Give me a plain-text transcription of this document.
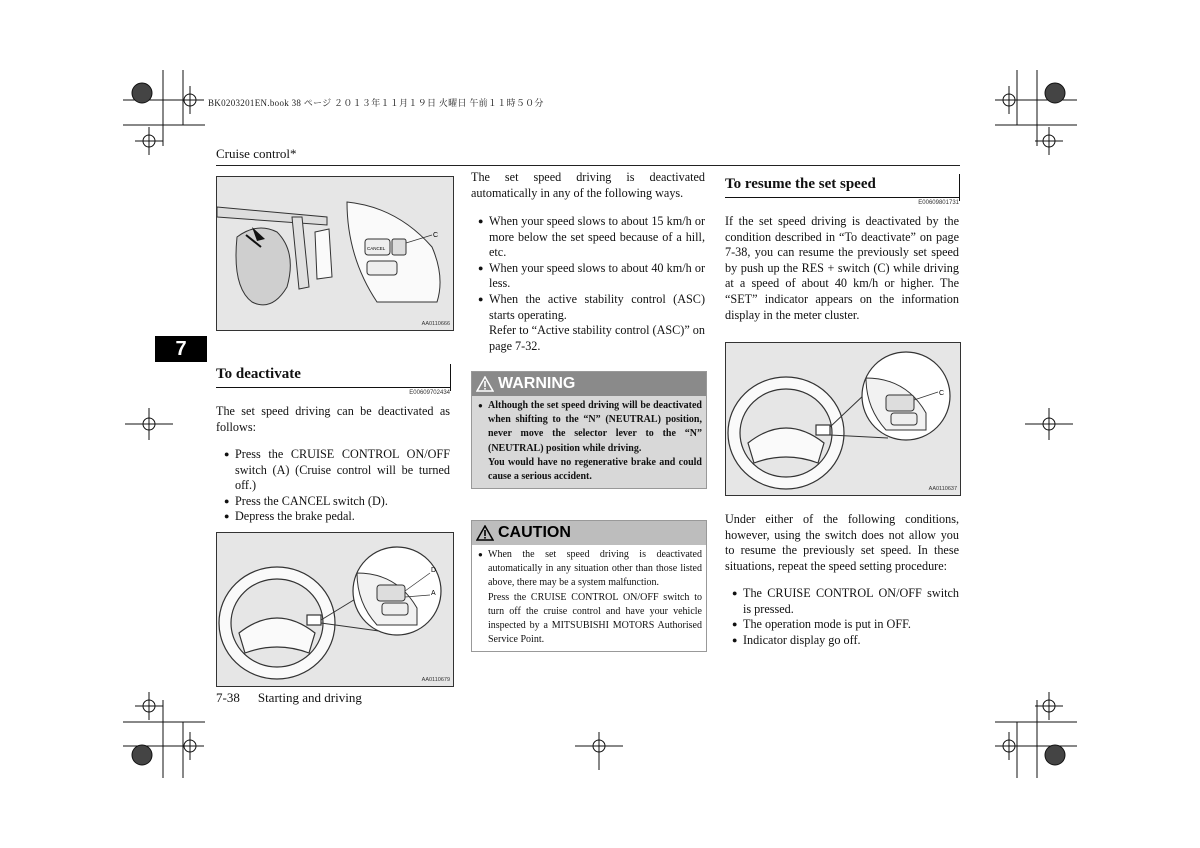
BK0203201EN.book 38 ページ ２０１３年１１月１９日 火曜日 午前１１時５０分
Cruise control*
7
C
CANCEL
AA0110666
To deactivate
E00609702434
The set speed driving can be deactivated as follows:
● Press the CRUISE CONTROL ON/OFF switch (A) (Cruise control will be turned off.)
● Press the CANCEL switch (D).
● Depress the brake pedal.
D
A
AA0110679
The set speed driving is deactivated automatically in any of the following ways.
● When your speed slows to about 15 km/h or more below the set speed because of a hill, etc.
● When your speed slows to about 40 km/h or less.
● When the active stability control (ASC) starts operating.
Refer to “Active stability control (ASC)” on page 7-32.
WARNING
● Although the set speed driving will be deactivated when shifting to the “N” (NEUTRAL) position, never move the selector lever to the “N” (NEUTRAL) position while driving.
You would have no regenerative brake and could cause a serious accident.
CAUTION
● When the set speed driving is deactivated automatically in any situation other than those listed above, there may be a system malfunction.
Press the CRUISE CONTROL ON/OFF switch to turn off the cruise control and have your vehicle inspected by a MITSUBISHI MOTORS Authorised Service Point.
To resume the set speed
E00609801731
If the set speed driving is deactivated by the condition described in “To deactivate” on page 7-38, you can resume the previously set speed by push up the RES + switch (C) while driving at a speed of about 40 km/h or higher. The “SET” indicator appears on the information display in the meter cluster.
C
AA0110637
Under either of the following conditions, however, using the switch does not allow you to resume the previously set speed. In these situations, repeat the speed setting procedure:
● The CRUISE CONTROL ON/OFF switch is pressed.
● The operation mode is put in OFF.
● Indicator display go off.
7-38 Starting and driving
